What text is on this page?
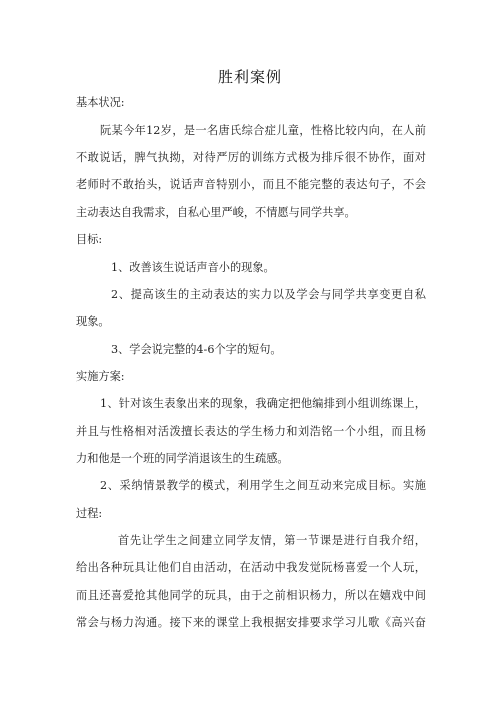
胜利案例
基本状况:
阮某今年12岁，是一名唐氏综合症儿童，性格比较内向，在人前
不敢说话，脾气执拗，对待严厉的训练方式极为排斥很不协作，面对
老师时不敢抬头，说话声音特别小，而且不能完整的表达句子，不会
主动表达自我需求，自私心里严峻，不情愿与同学共享。
目标:
1、改善该生说话声音小的现象。
2、提高该生的主动表达的实力以及学会与同学共享变更自私
现象。
3、学会说完整的4-6个字的短句。
实施方案:
1、针对该生表象出来的现象，我确定把他编排到小组训练课上，
并且与性格相对活泼擅长表达的学生杨力和刘浩铭一个小组，而且杨
力和他是一个班的同学消退该生的生疏感。
2、采纳情景教学的模式，利用学生之间互动来完成目标。实施
过程:
首先让学生之间建立同学友情，第一节课是进行自我介绍，
给出各种玩具让他们自由活动，在活动中我发觉阮杨喜爱一个人玩，
而且还喜爱抢其他同学的玩具，由于之前相识杨力，所以在嬉戏中间
常会与杨力沟通。接下来的课堂上我根据安排要求学习儿歌《高兴奋
